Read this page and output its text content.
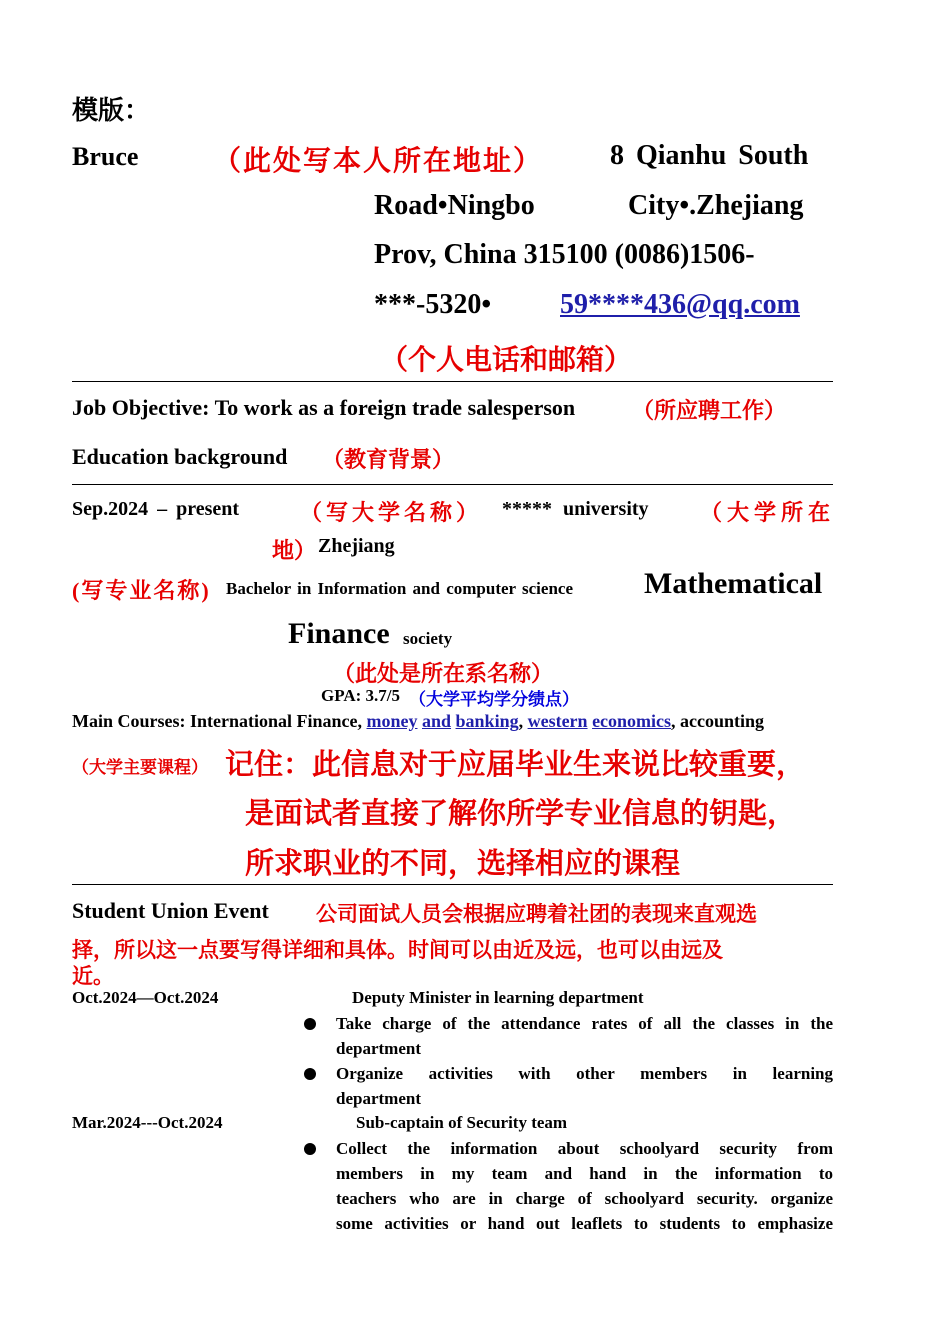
模版：
Bruce	（此处写本人所在地址） 8 Qianhu South
Road•Ningbo	City•.Zhejiang
Prov, China 315100 (0086)1506-
***-5320• 59****436@qq.com
（个人电话和邮箱）
Job Objective: To work as a foreign trade salesperson	（所应聘工作）
Education background （教育背景）
Sep.2024 – present	（写大学名称） ***** university （大学所在
地） Zhejiang
(写专业名称) Bachelor in Information and computer science Mathematical
Finance society
（此处是所在系名称）
GPA: 3.7/5 （大学平均学分绩点）
Main Courses: International Finance, money and banking, western economics, accounting
（大学主要课程） 记住：此信息对于应届毕业生来说比较重要，
是面试者直接了解你所学专业信息的钥匙，
所求职业的不同，选择相应的课程
Student Union Event 公司面试人员会根据应聘着社团的表现来直观选
择，所以这一点要写得详细和具体。时间可以由近及远，也可以由远及
近。
Oct.2024—Oct.2024	Deputy Minister in learning department
Take charge of the attendance rates of all the classes in the
department
Organize activities with other members in learning
department
Mar.2024---Oct.2024	Sub-captain of Security team
Collect the information about schoolyard security from
members in my team and hand in the information to
teachers who are in charge of schoolyard security. organize
some activities or hand out leaflets to students to emphasize
